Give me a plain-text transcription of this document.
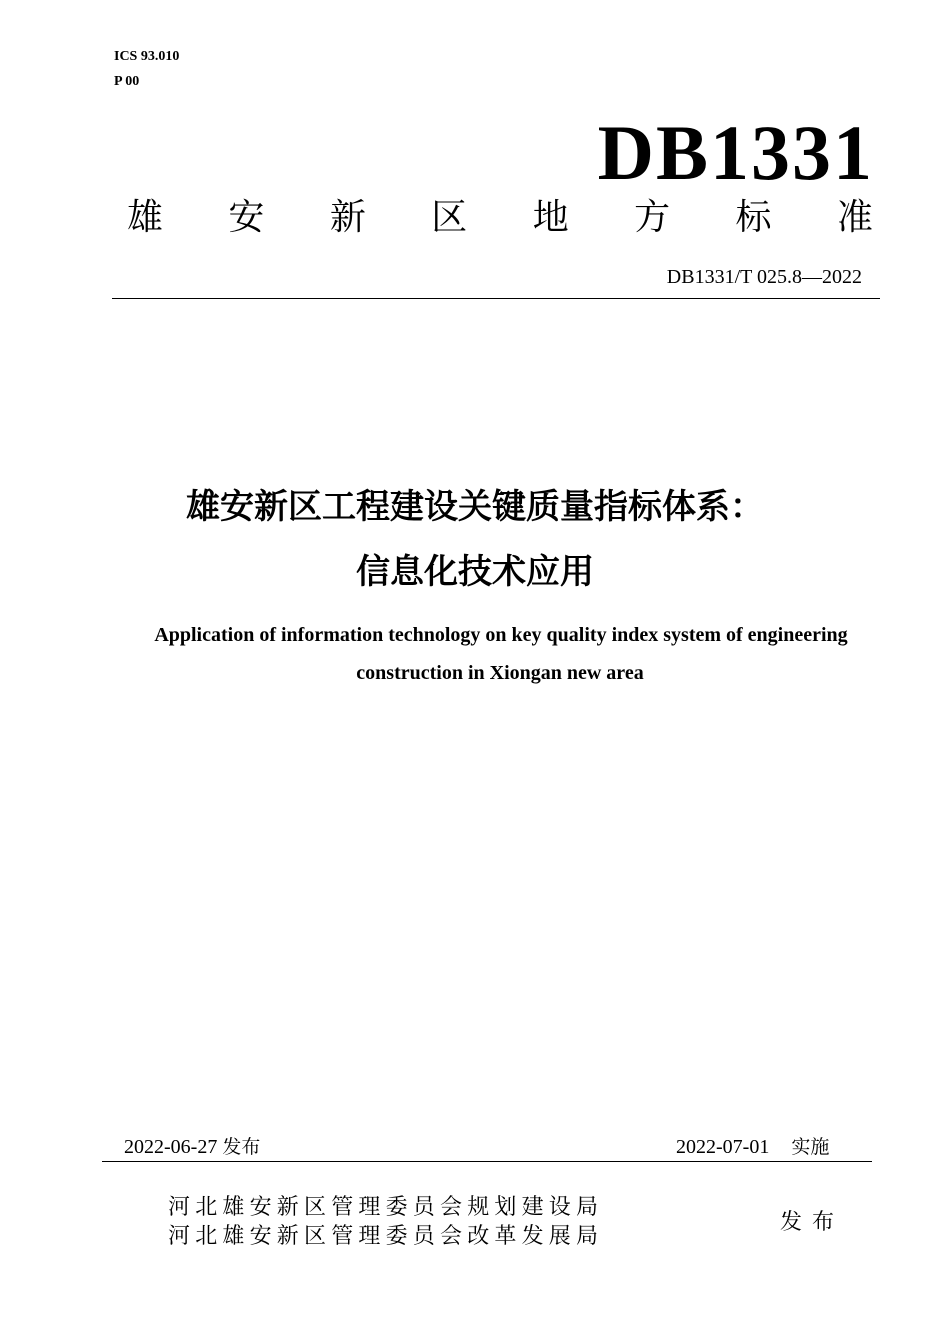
ICS 93.010
P 00
DB1331
雄 安 新 区 地 方 标 准
DB1331/T 025.8—2022
雄安新区工程建设关键质量指标体系：
信息化技术应用
Application of information technology on key quality index system of engineering
construction in Xiongan new area
2022-06-27 发布	2022-07-01 实施
河北雄安新区管理委员会规划建设局
河北雄安新区管理委员会改革发展局
发布
